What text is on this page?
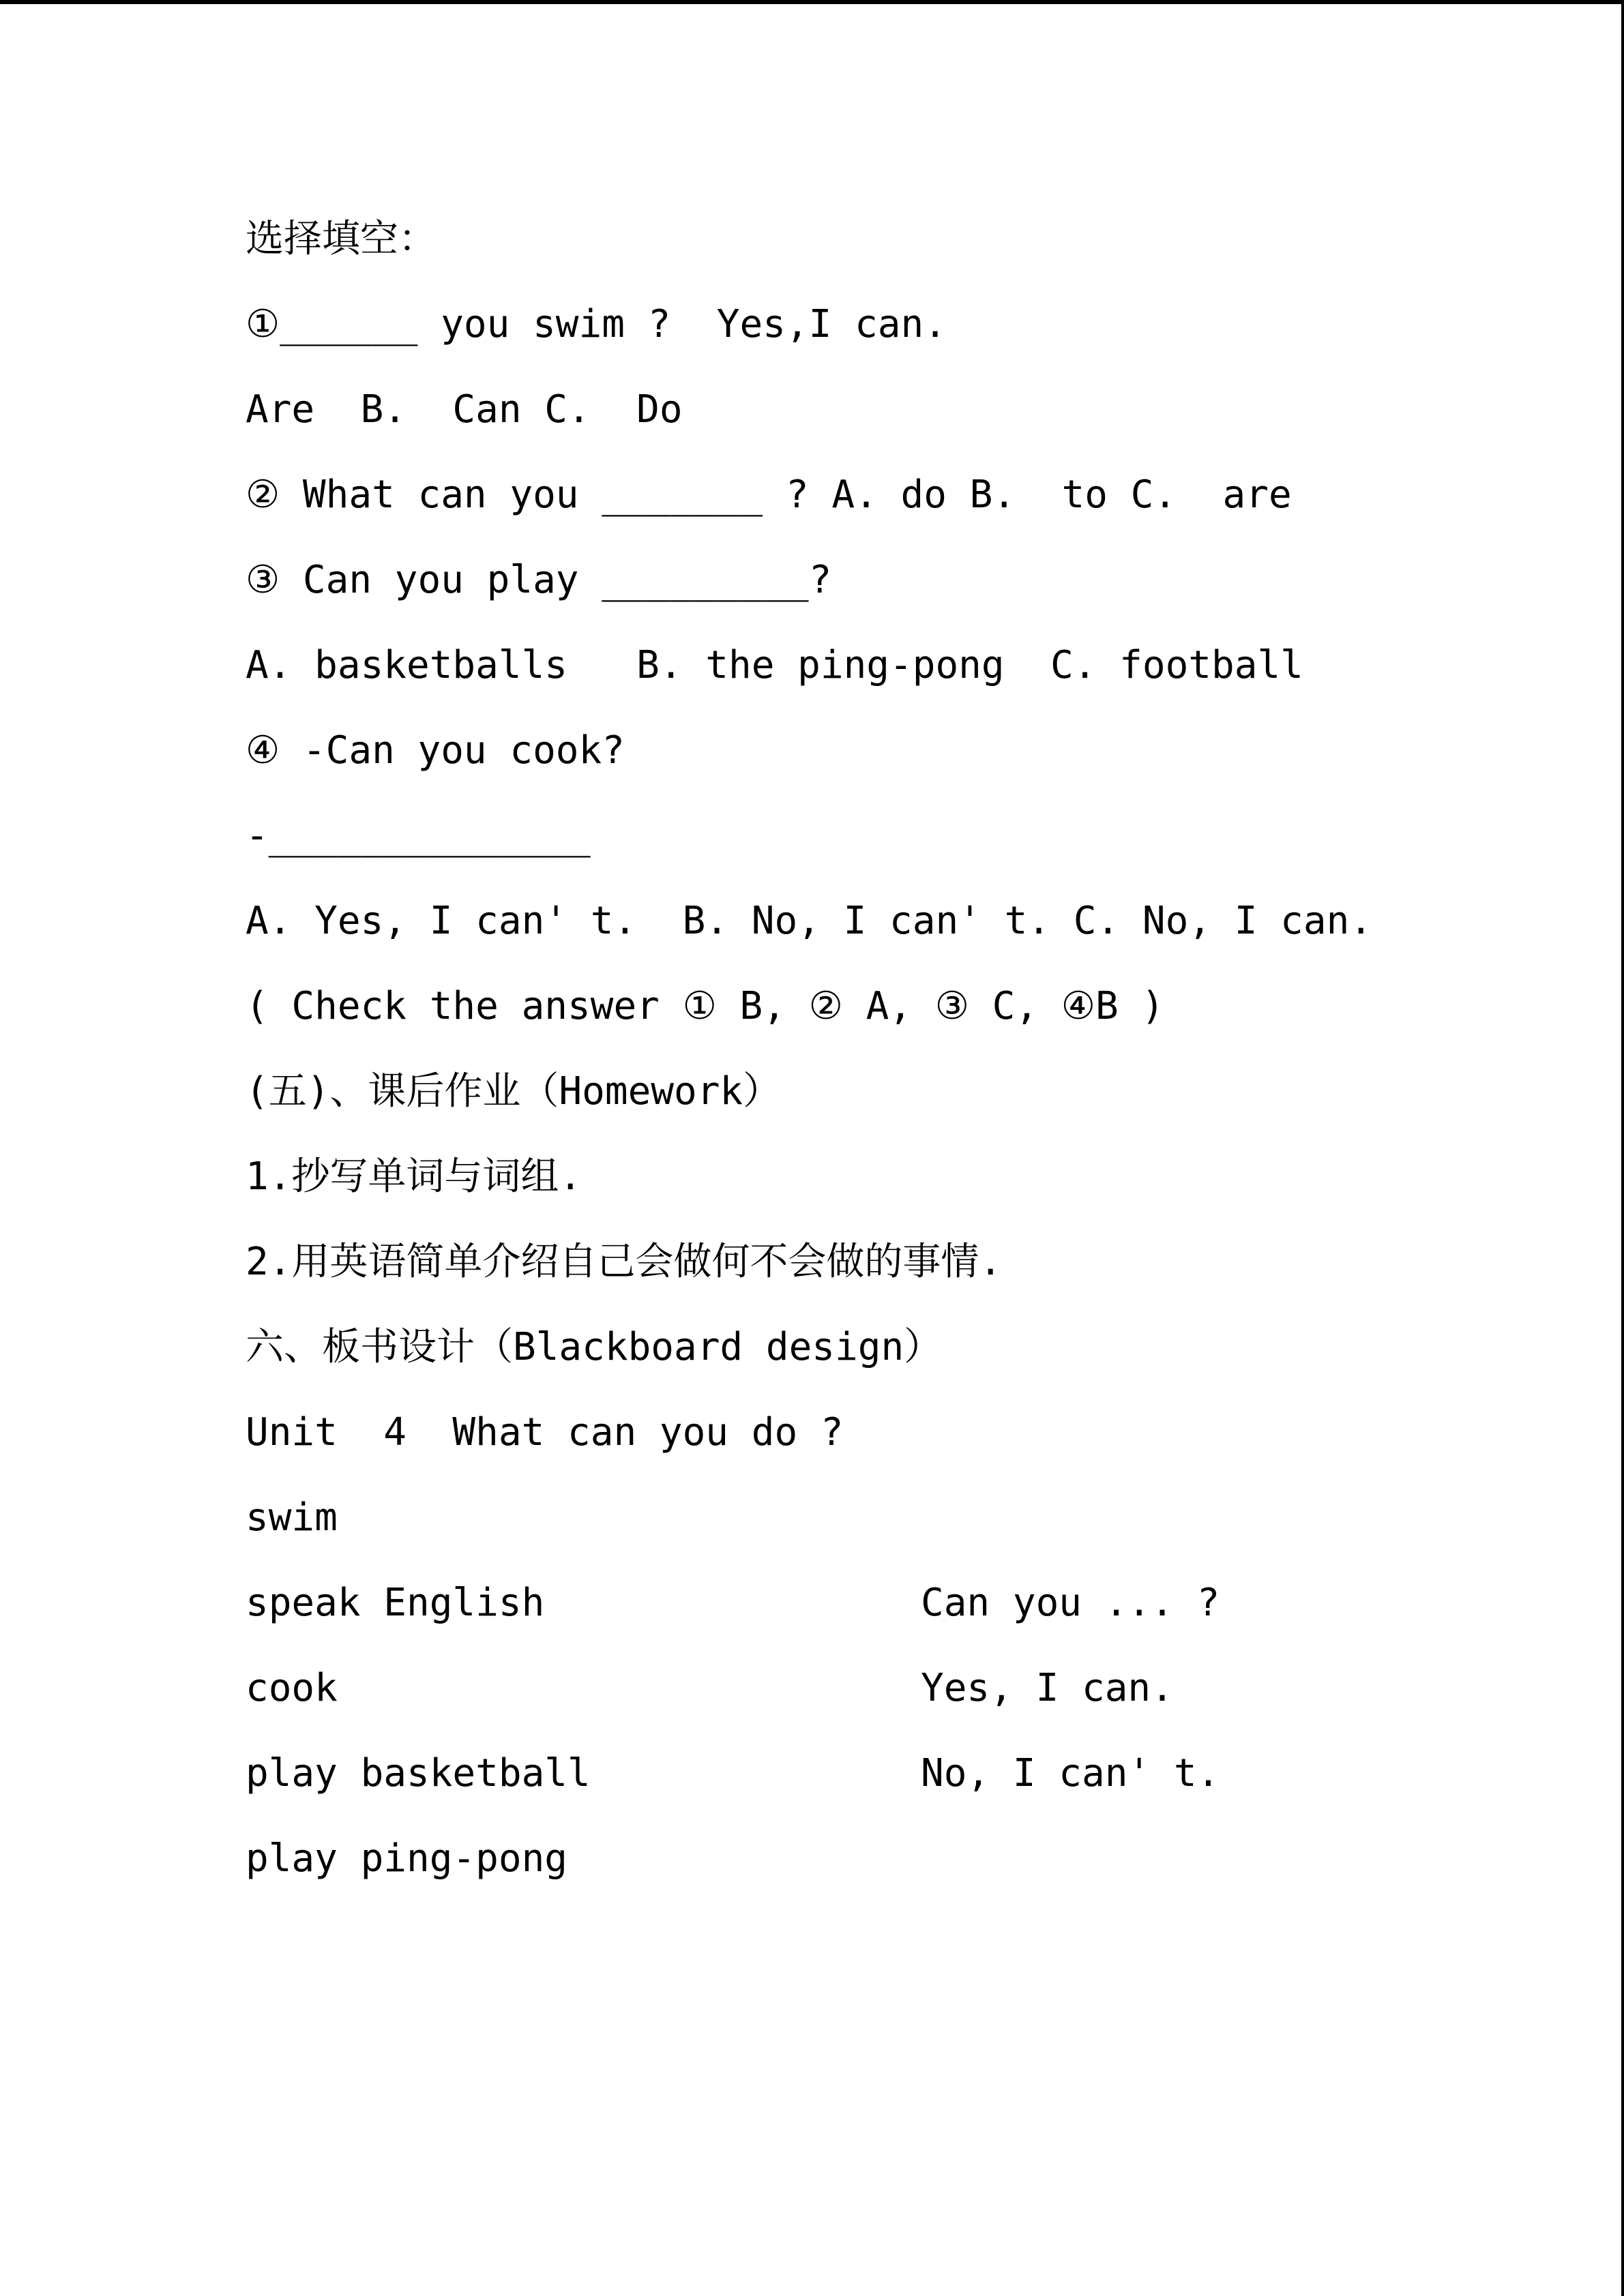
选择填空：
①______ you swim ?  Yes,I can.
Are  B.  Can C.  Do
② What can you _______ ? A. do B.  to C.  are
③ Can you play _________?
A. basketballs   B. the ping-pong  C. football
④ -Can you cook?
-______________
A. Yes, I can' t.  B. No, I can' t. C. No, I can.
( Check the answer ① B, ② A, ③ C, ④B )
(五)、课后作业（Homework）
1.抄写单词与词组.
2.用英语简单介绍自己会做何不会做的事情.
六、板书设计（Blackboard design）
Unit  4  What can you do ?
swim
speak English	Can you ... ?
cook	Yes, I can.
play basketball	No, I can' t.
play ping-pong
